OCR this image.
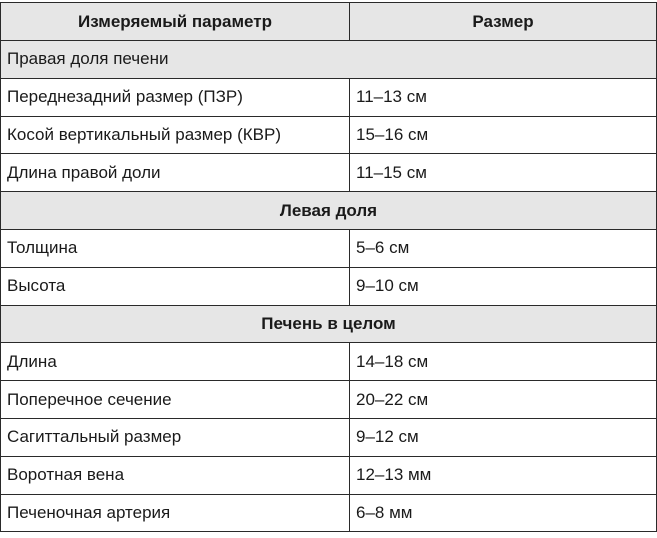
Измеряемый параметр	Размер
Правая доля печени	
Переднезадний размер (ПЗР)	11–13 см
Косой вертикальный размер (КВР)	15–16 см
Длина правой доли	11–15 см
Левая доля	
Толщина	5–6 см
Высота	9–10 см
Печень в целом	
Длина	14–18 см
Поперечное сечение	20–22 см
Сагиттальный размер	9–12 см
Воротная вена	12–13 мм
Печеночная артерия	6–8 мм
